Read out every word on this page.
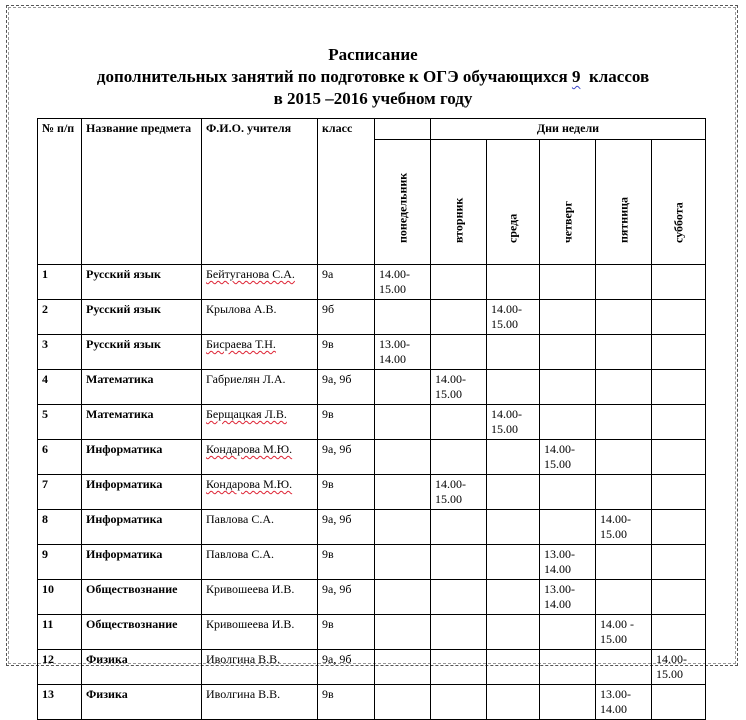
Расписание
дополнительных занятий по подготовке к ОГЭ обучающихся 9 классов
в 2015 –2016 учебном году
№ п/п	Название предмета	Ф.И.О. учителя	класс		Дни недели				

				понедельник	вторник	среда	четверг	пятница	суббота

1	Русский язык	Бейтуганова С.А.	9а	14.00-
15.00					

2	Русский язык	Крылова А.В.	9б			14.00-
15.00			

3	Русский язык	Бисраева Т.Н.	9в	13.00-
14.00					

4	Математика	Габриелян Л.А.	9а, 9б		14.00-
15.00				

5	Математика	Берщацкая Л.В.	9в			14.00-
15.00			

6	Информатика	Кондарова М.Ю.	9а, 9б				14.00-
15.00		

7	Информатика	Кондарова М.Ю.	9в		14.00-
15.00				

8	Информатика	Павлова С.А.	9а, 9б					14.00-
15.00	

9	Информатика	Павлова С.А.	9в				13.00-
14.00		

10	Обществознание	Кривошеева И.В.	9а, 9б				13.00-
14.00		

11	Обществознание	Кривошеева И.В.	9в					14.00 -
15.00	

12	Физика	Иволгина В.В.	9а, 9б						14.00-
15.00

13	Физика	Иволгина В.В.	9в					13.00-
14.00	
